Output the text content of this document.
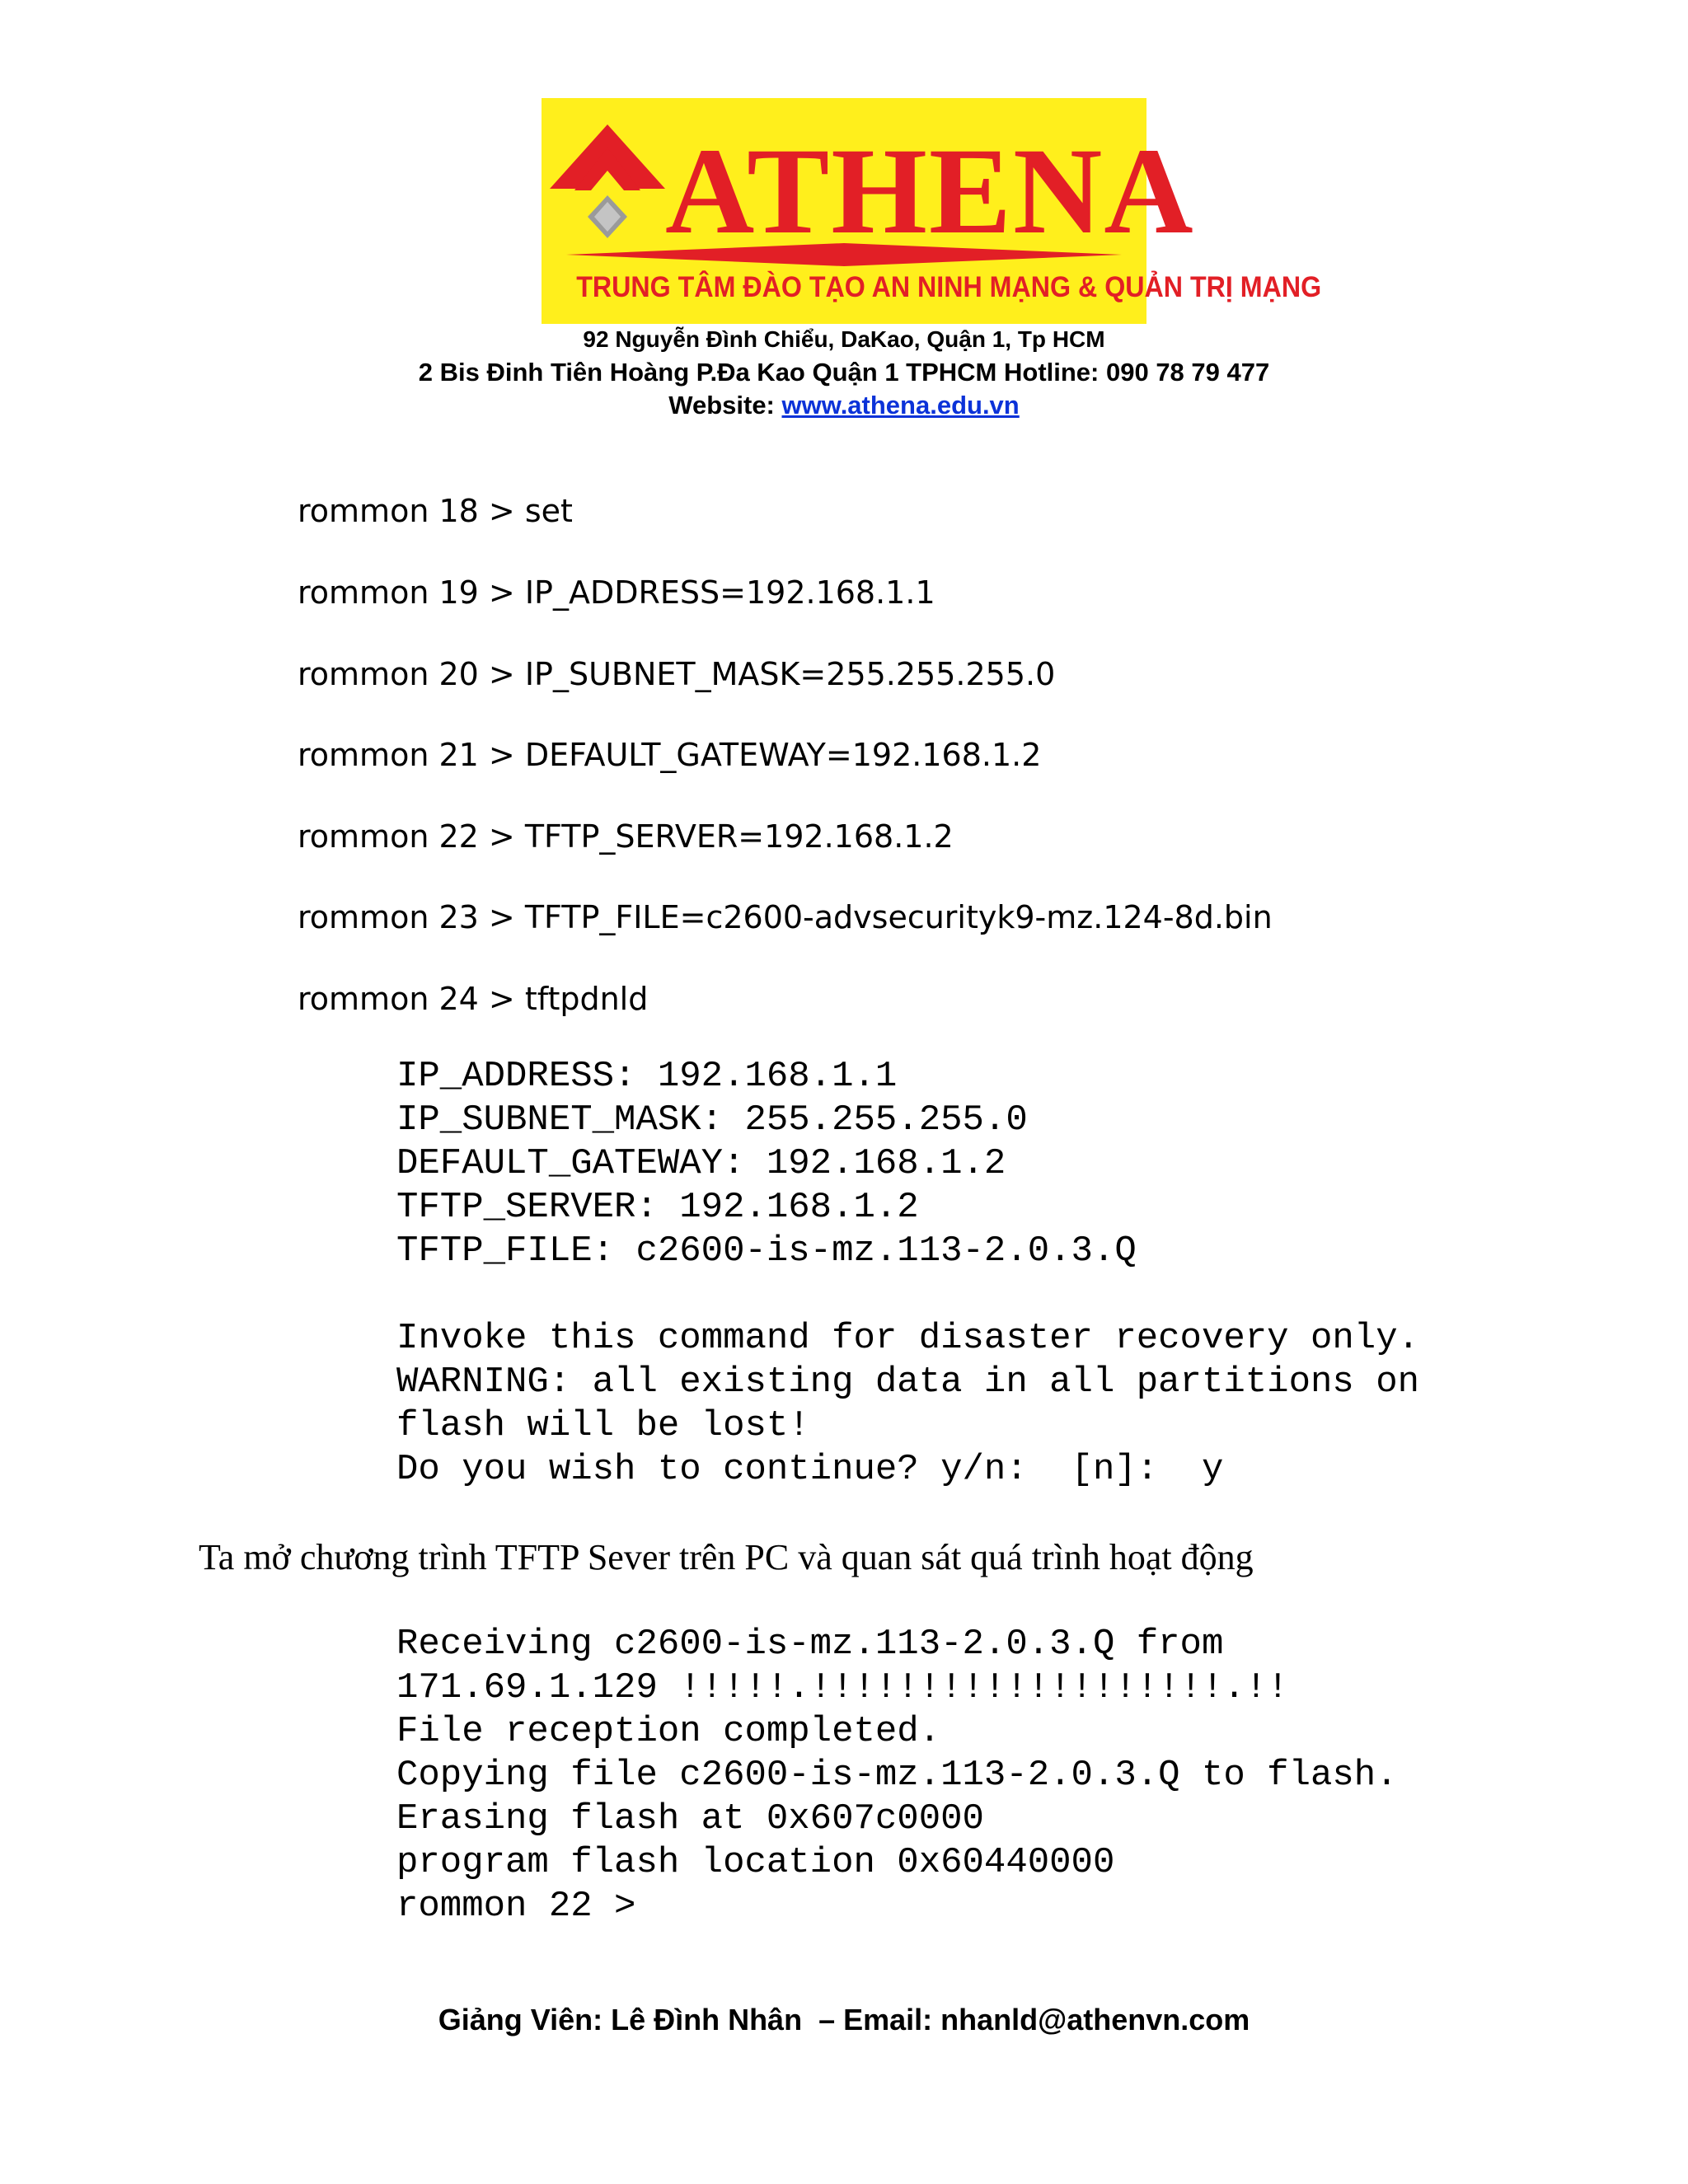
ATHENA
TRUNG TÂM ĐÀO TẠO AN NINH MẠNG & QUẢN TRỊ MẠNG
92 Nguyễn Đình Chiểu, DaKao, Quận 1, Tp HCM
2 Bis Đinh Tiên Hoàng P.Đa Kao Quận 1 TPHCM Hotline: 090 78 79 477
Website: www.athena.edu.vn
rommon 18 > set
rommon 19 > IP_ADDRESS=192.168.1.1
rommon 20 > IP_SUBNET_MASK=255.255.255.0
rommon 21 > DEFAULT_GATEWAY=192.168.1.2
rommon 22 > TFTP_SERVER=192.168.1.2
rommon 23 > TFTP_FILE=c2600-advsecurityk9-mz.124-8d.bin
rommon 24 > tftpdnld
IP_ADDRESS: 192.168.1.1
IP_SUBNET_MASK: 255.255.255.0
DEFAULT_GATEWAY: 192.168.1.2
TFTP_SERVER: 192.168.1.2
TFTP_FILE: c2600-is-mz.113-2.0.3.Q

Invoke this command for disaster recovery only.
WARNING: all existing data in all partitions on
flash will be lost!
Do you wish to continue? y/n:  [n]:  y
Ta mở chương trình TFTP Sever trên PC và quan sát quá trình hoạt động
Receiving c2600-is-mz.113-2.0.3.Q from
171.69.1.129 !!!!!.!!!!!!!!!!!!!!!!!!!.!!
File reception completed.
Copying file c2600-is-mz.113-2.0.3.Q to flash.
Erasing flash at 0x607c0000
program flash location 0x60440000
rommon 22 >
Giảng Viên: Lê Đình Nhân  – Email: nhanld@athenvn.com
